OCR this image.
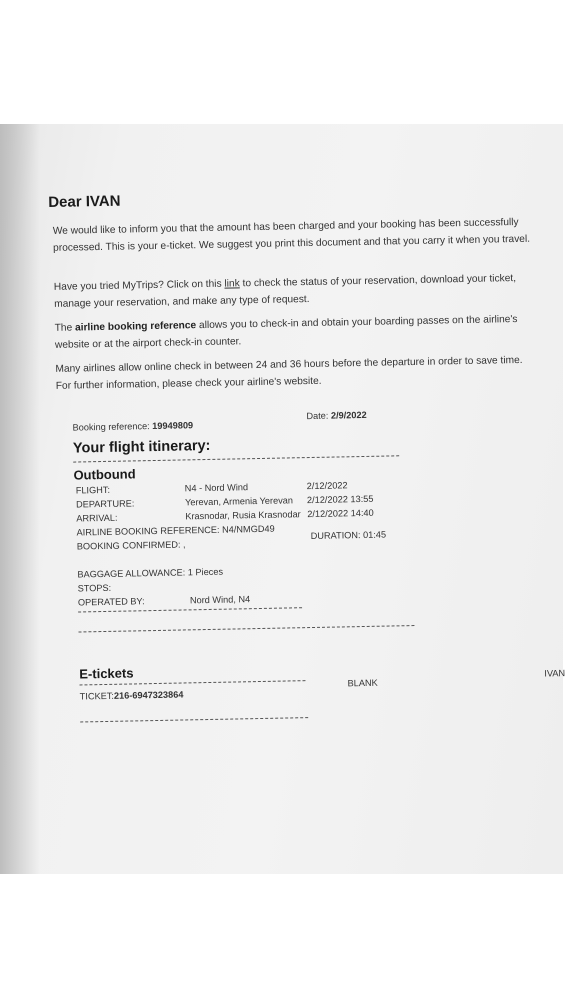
Dear IVAN
We would like to inform you that the amount has been charged and your booking has been successfully processed. This is your e-ticket. We suggest you print this document and that you carry it when you travel.
Have you tried MyTrips? Click on this link to check the status of your reservation, download your ticket, manage your reservation, and make any type of request.
The airline booking reference allows you to check-in and obtain your boarding passes on the airline's website or at the airport check-in counter.
Many airlines allow online check in between 24 and 36 hours before the departure in order to save time. For further information, please check your airline's website.
Booking reference: 19949809
Date: 2/9/2022
Your flight itinerary:
Outbound
FLIGHT:	N4 - Nord Wind	2/12/2022
DEPARTURE:	Yerevan, Armenia Yerevan 2/12/2022 13:55
ARRIVAL:	Krasnodar, Rusia Krasnodar 2/12/2022 14:40
AIRLINE BOOKING REFERENCE: N4/NMGD49
BOOKING CONFIRMED: ,
DURATION: 01:45
BAGGAGE ALLOWANCE: 1 Pieces
STOPS:
OPERATED BY:	Nord Wind, N4
E-tickets
TICKET:216-6947323864
BLANK
IVAN
